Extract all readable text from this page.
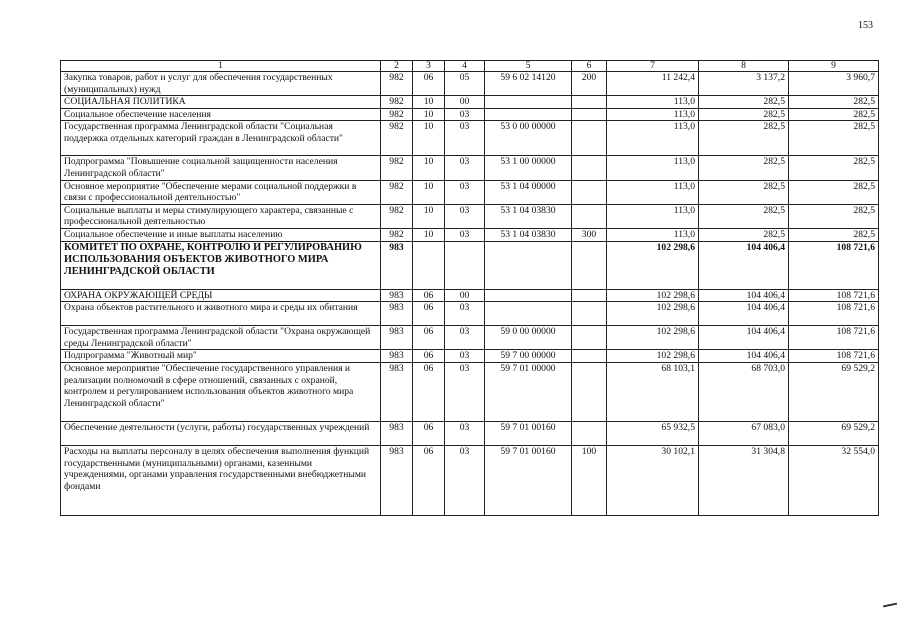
153
1	2	3	4	5	6	7	8	9
Закупка товаров, работ и услуг для обеспечения государственных (муниципальных) нужд	982	06	05	59 6 02 14120	200	11 242,4	3 137,2	3 960,7
СОЦИАЛЬНАЯ ПОЛИТИКА	982	10	00			113,0	282,5	282,5
Социальное обеспечение населения	982	10	03			113,0	282,5	282,5
Государственная программа Ленинградской области "Социальная поддержка отдельных категорий граждан в Ленинградской области"	982	10	03	53 0 00 00000		113,0	282,5	282,5
Подпрограмма "Повышение социальной защищенности населения Ленинградской области"	982	10	03	53 1 00 00000		113,0	282,5	282,5
Основное мероприятие "Обеспечение мерами социальной поддержки в связи с профессиональной деятельностью"	982	10	03	53 1 04 00000		113,0	282,5	282,5
Социальные выплаты и меры стимулирующего характера, связанные с профессиональной деятельностью	982	10	03	53 1 04 03830		113,0	282,5	282,5
Социальное обеспечение и иные выплаты населению	982	10	03	53 1 04 03830	300	113,0	282,5	282,5
КОМИТЕТ ПО ОХРАНЕ, КОНТРОЛЮ И РЕГУЛИРОВАНИЮ ИСПОЛЬЗОВАНИЯ ОБЪЕКТОВ ЖИВОТНОГО МИРА ЛЕНИНГРАДСКОЙ ОБЛАСТИ	983					102 298,6	104 406,4	108 721,6
ОХРАНА ОКРУЖАЮЩЕЙ СРЕДЫ	983	06	00			102 298,6	104 406,4	108 721,6
Охрана объектов растительного и животного мира и среды их обитания	983	06	03			102 298,6	104 406,4	108 721,6
Государственная программа Ленинградской области "Охрана окружающей среды Ленинградской области"	983	06	03	59 0 00 00000		102 298,6	104 406,4	108 721,6
Подпрограмма "Животный мир"	983	06	03	59 7 00 00000		102 298,6	104 406,4	108 721,6
Основное мероприятие "Обеспечение государственного управления и реализации полномочий в сфере отношений, связанных с охраной, контролем и регулированием использования объектов животного мира Ленинградской области"	983	06	03	59 7 01 00000		68 103,1	68 703,0	69 529,2
Обеспечение деятельности (услуги, работы) государственных учреждений	983	06	03	59 7 01 00160		65 932,5	67 083,0	69 529,2
Расходы на выплаты персоналу в целях обеспечения выполнения функций государственными (муниципальными) органами, казенными учреждениями, органами управления государственными внебюджетными фондами	983	06	03	59 7 01 00160	100	30 102,1	31 304,8	32 554,0
